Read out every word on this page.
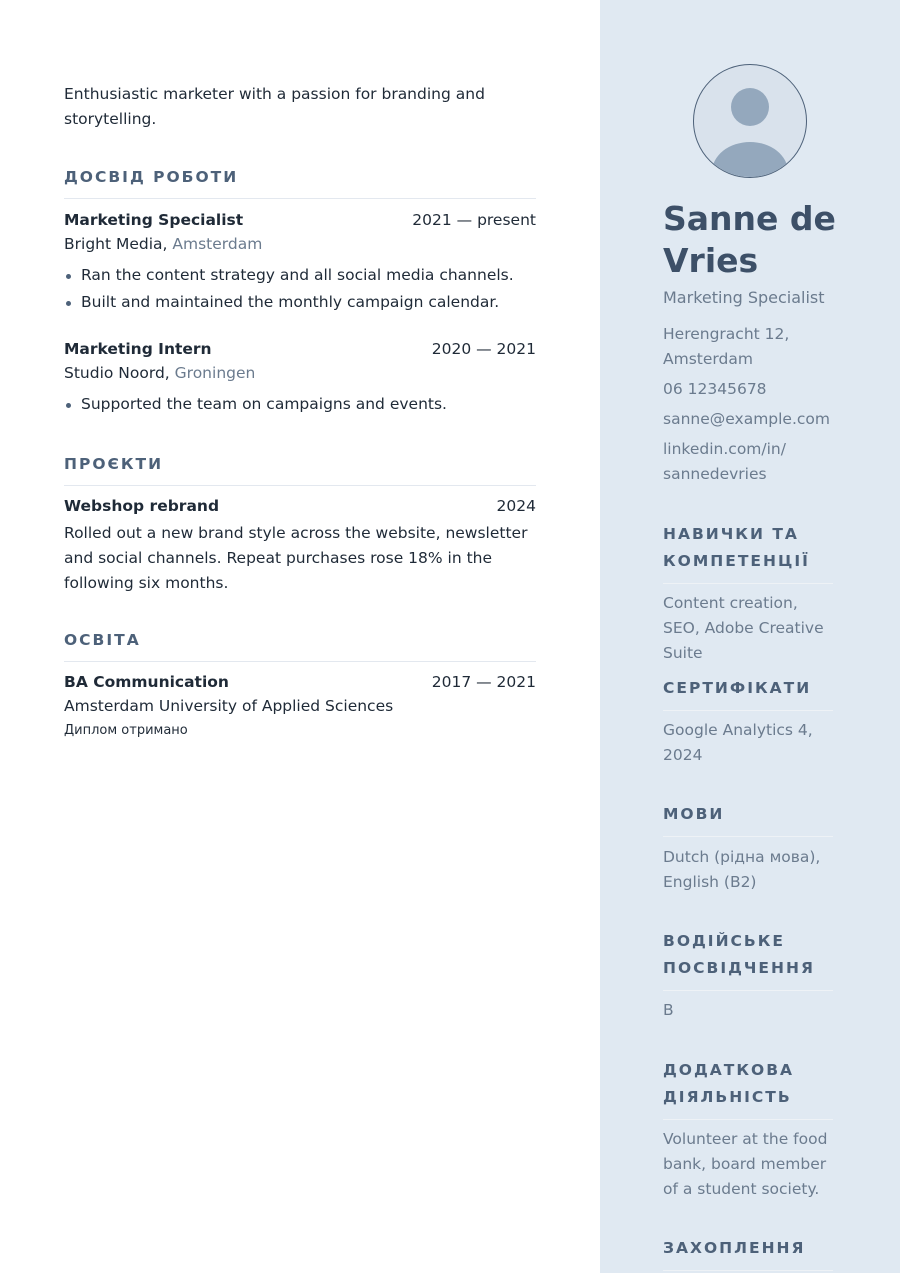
Enthusiastic marketer with a passion for branding and storytelling.
ДОСВІД РОБОТИ
Marketing Specialist	2021 — present
Bright Media, Amsterdam
Ran the content strategy and all social media channels.
Built and maintained the monthly campaign calendar.
Marketing Intern	2020 — 2021
Studio Noord, Groningen
Supported the team on campaigns and events.
ПРОЄКТИ
Webshop rebrand	2024
Rolled out a new brand style across the website, newsletter and social channels. Repeat purchases rose 18% in the following six months.
ОСВІТА
BA Communication	2017 — 2021
Amsterdam University of Applied Sciences
Диплом отримано
Sanne de Vries
Marketing Specialist
Herengracht 12, Amsterdam
06 12345678
sanne@example.com
linkedin.com/in/ sannedevries
НАВИЧКИ ТА КОМПЕТЕНЦІЇ
Content creation, SEO, Adobe Creative Suite
СЕРТИФІКАТИ
Google Analytics 4, 2024
МОВИ
Dutch (рідна мова), English (B2)
ВОДІЙСЬКЕ ПОСВІДЧЕННЯ
B
ДОДАТКОВА ДІЯЛЬНІСТЬ
Volunteer at the food bank, board member of a student society.
ЗАХОПЛЕННЯ
